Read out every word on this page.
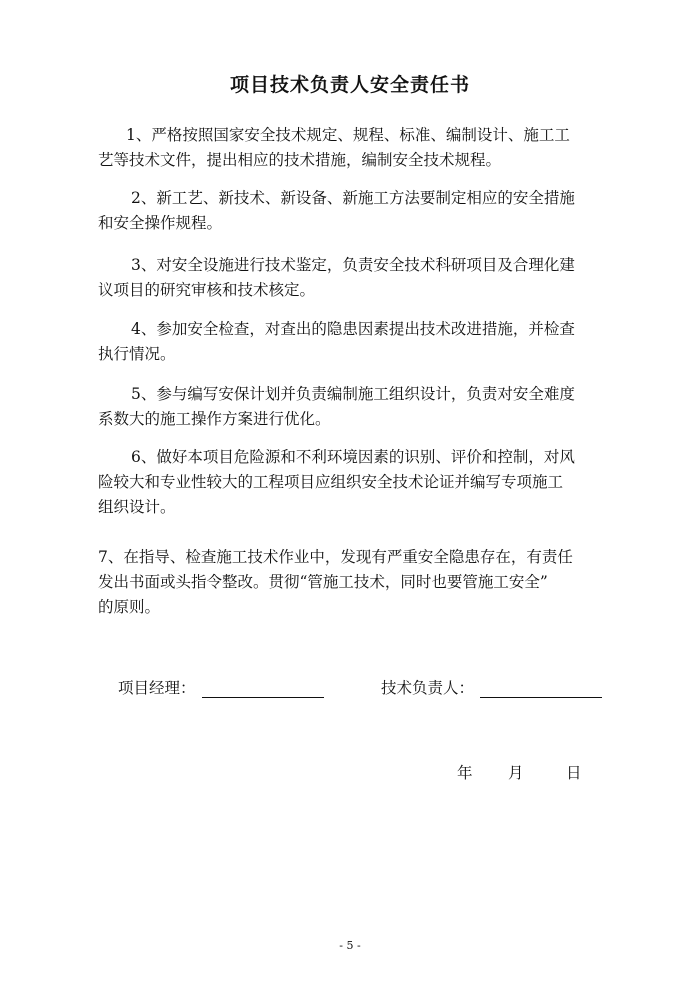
项目技术负责人安全责任书
1、严格按照国家安全技术规定、规程、标准、编制设计、施工工
艺等技术文件，提出相应的技术措施，编制安全技术规程。
2、新工艺、新技术、新设备、新施工方法要制定相应的安全措施
和安全操作规程。
3、对安全设施进行技术鉴定，负责安全技术科研项目及合理化建
议项目的研究审核和技术核定。
4、参加安全检查，对查出的隐患因素提出技术改进措施，并检查
执行情况。
5、参与编写安保计划并负责编制施工组织设计，负责对安全难度
系数大的施工操作方案进行优化。
6、做好本项目危险源和不利环境因素的识别、评价和控制，对风
险较大和专业性较大的工程项目应组织安全技术论证并编写专项施工
组织设计。
7、在指导、检查施工技术作业中，发现有严重安全隐患存在，有责任
发出书面或头指令整改。贯彻“管施工技术，同时也要管施工安全”
的原则。
项目经理：	技术负责人：
年 月	日
- 5 -
